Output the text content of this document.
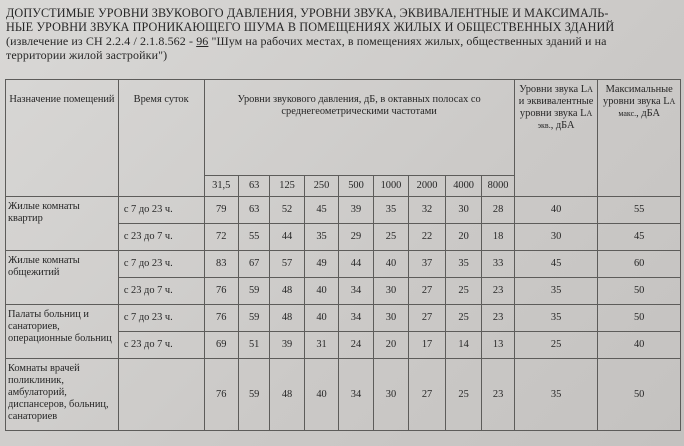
ДОПУСТИМЫЕ УРОВНИ ЗВУКОВОГО ДАВЛЕНИЯ, УРОВНИ ЗВУКА, ЭКВИВАЛЕНТНЫЕ И МАКСИМАЛЬ-
НЫЕ УРОВНИ ЗВУКА ПРОНИКАЮЩЕГО ШУМА В ПОМЕЩЕНИЯХ ЖИЛЫХ И ОБЩЕСТВЕННЫХ ЗДАНИЙ
(извлечение из СН 2.2.4 / 2.1.8.562 - 96 "Шум на рабочих местах, в помещениях жилых, общественных зданий и на
территории жилой застройки")
Назначение помещений	Время суток	Уровни звукового давления, дБ, в октавных полосах со среднегеометрическими частотами									Уровни звука LA и эквивалентные уровни звука LA экв., дБА	Максимальные уровни звука LA макс., дБА
		31,5	63	125	250	500	1000	2000	4000	8000		
Жилые комнаты квартир	с 7 до 23 ч.	79	63	52	45	39	35	32	30	28	40	55
	с 23 до 7 ч.	72	55	44	35	29	25	22	20	18	30	45
Жилые комнаты общежитий	с 7 до 23 ч.	83	67	57	49	44	40	37	35	33	45	60
	с 23 до 7 ч.	76	59	48	40	34	30	27	25	23	35	50
Палаты больниц и санаториев, операционные больниц	с 7 до 23 ч.	76	59	48	40	34	30	27	25	23	35	50
	с 23 до 7 ч.	69	51	39	31	24	20	17	14	13	25	40
Комнаты врачей поликлиник, амбулаторий, диспансеров, больниц, санаториев		76	59	48	40	34	30	27	25	23	35	50
